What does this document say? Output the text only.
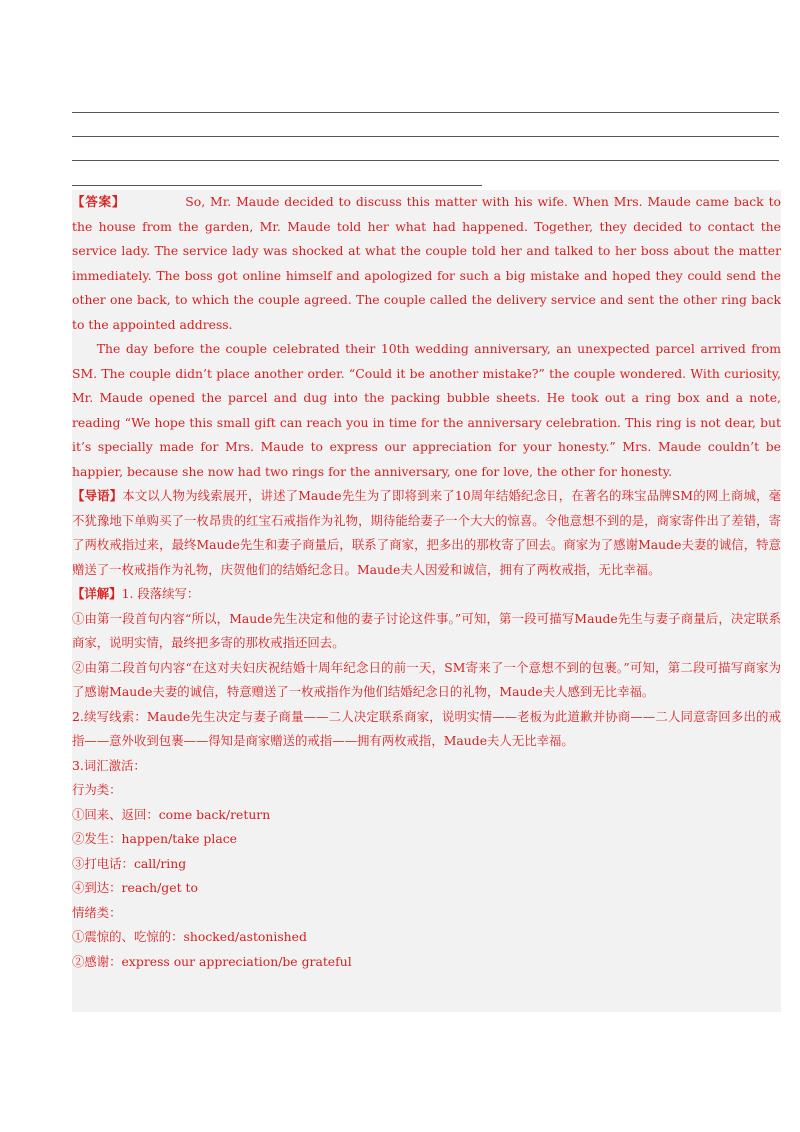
【答案】	So, Mr. Maude decided to discuss this matter with his wife. When Mrs. Maude came back to the house from the garden, Mr. Maude told her what had happened. Together, they decided to contact the service lady. The service lady was shocked at what the couple told her and talked to her boss about the matter immediately. The boss got online himself and apologized for such a big mistake and hoped they could send the other one back, to which the couple agreed. The couple called the delivery service and sent the other ring back to the appointed address.

The day before the couple celebrated their 10th wedding anniversary, an unexpected parcel arrived from SM. The couple didn’t place another order. “Could it be another mistake?” the couple wondered. With curiosity, Mr. Maude opened the parcel and dug into the packing bubble sheets. He took out a ring box and a note, reading “We hope this small gift can reach you in time for the anniversary celebration. This ring is not dear, but it’s specially made for Mrs. Maude to express our appreciation for your honesty.” Mrs. Maude couldn’t be happier, because she now had two rings for the anniversary, one for love, the other for honesty.

【导语】本文以人物为线索展开，讲述了Maude先生为了即将到来了10周年结婚纪念日，在著名的珠宝品牌SM的网上商城，毫不犹豫地下单购买了一枚昂贵的红宝石戒指作为礼物，期待能给妻子一个大大的惊喜。令他意想不到的是，商家寄件出了差错，寄了两枚戒指过来，最终Maude先生和妻子商量后，联系了商家，把多出的那枚寄了回去。商家为了感谢Maude夫妻的诚信，特意赠送了一枚戒指作为礼物，庆贺他们的结婚纪念日。Maude夫人因爱和诚信，拥有了两枚戒指，无比幸福。

【详解】1. 段落续写：

①由第一段首句内容“所以，Maude先生决定和他的妻子讨论这件事。”可知，第一段可描写Maude先生与妻子商量后，决定联系商家，说明实情，最终把多寄的那枚戒指还回去。

②由第二段首句内容“在这对夫妇庆祝结婚十周年纪念日的前一天，SM寄来了一个意想不到的包裹。”可知，第二段可描写商家为了感谢Maude夫妻的诚信，特意赠送了一枚戒指作为他们结婚纪念日的礼物，Maude夫人感到无比幸福。

2.续写线索：Maude先生决定与妻子商量——二人决定联系商家，说明实情——老板为此道歉并协商——二人同意寄回多出的戒指——意外收到包裹——得知是商家赠送的戒指——拥有两枚戒指，Maude夫人无比幸福。

3.词汇激活：

行为类：

①回来、返回：come back/return

②发生：happen/take place

③打电话：call/ring

④到达：reach/get to

情绪类：

①震惊的、吃惊的：shocked/astonished

②感谢：express our appreciation/be grateful
